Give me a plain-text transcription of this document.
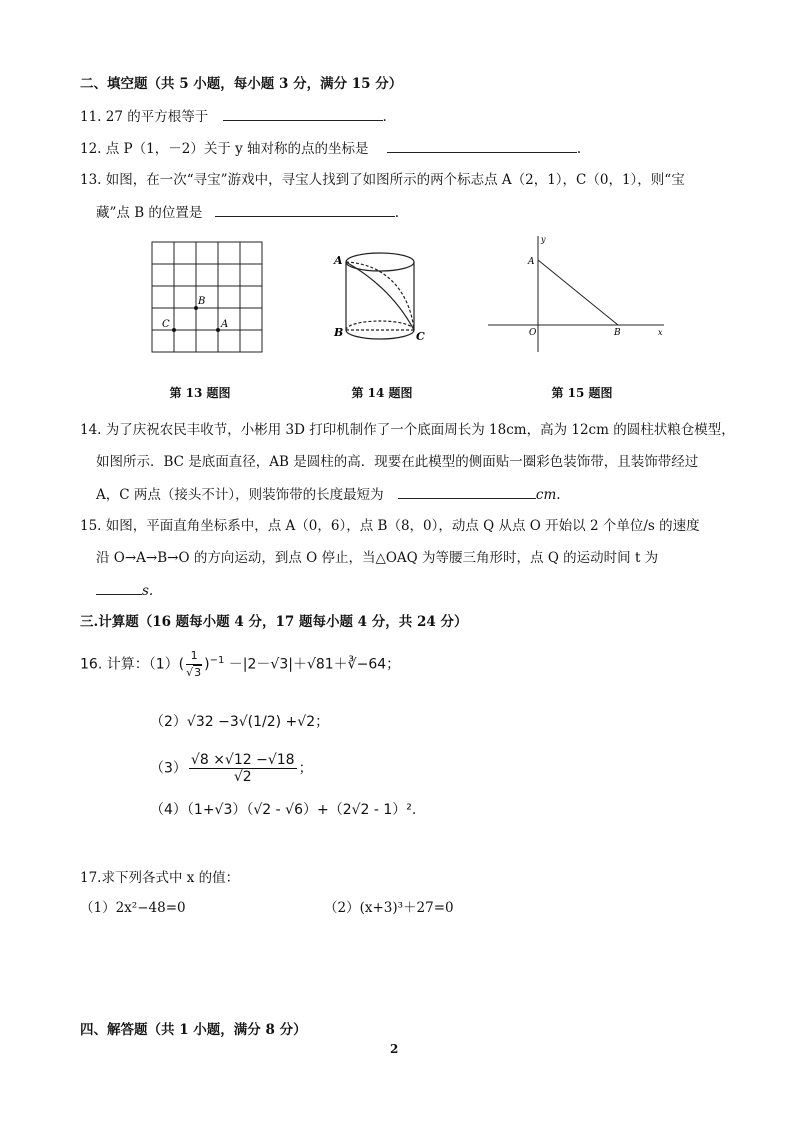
二、填空题（共 5 小题，每小题 3 分，满分 15 分）
11. 27 的平方根等于	.
12. 点 P（1，－2）关于 y 轴对称的点的坐标是	.
13. 如图，在一次“寻宝”游戏中，寻宝人找到了如图所示的两个标志点 A（2，1），C（0，1），则“宝
藏”点 B 的位置是	.
B
C	A
第 13 题图
A
B	C
第 14 题图
y
A
O	B	x
第 15 题图
14. 为了庆祝农民丰收节，小彬用 3D 打印机制作了一个底面周长为 18cm，高为 12cm 的圆柱状粮仓模型，
如图所示．BC 是底面直径，AB 是圆柱的高．现要在此模型的侧面贴一圈彩色装饰带，且装饰带经过
A，C 两点（接头不计），则装饰带的长度最短为	cm.
15. 如图，平面直角坐标系中，点 A（0，6），点 B（8，0），动点 Q 从点 O 开始以 2 个单位/s 的速度
沿 O→A→B→O 的方向运动，到点 O 停止，当△OAQ 为等腰三角形时，点 Q 的运动时间 t 为
s.
三.计算题（16 题每小题 4 分，17 题每小题 4 分，共 24 分）
16. 计算：$(1)( \frac{1}{√3} )^{-1}$ －|2－√3|＋√81＋∛−64；
（2）√32 −3√(1/2) +√2；
$(3) \frac{√8 \times√12 -√18}{√2}$ ；
（4）（1+√3）（√2 - √6）+（2√2 - 1）².
17.求下列各式中 x 的值：
（1）2x²−48=0	（2）(x+3)³＋27=0
四、解答题（共 1 小题，满分 8 分）
2
